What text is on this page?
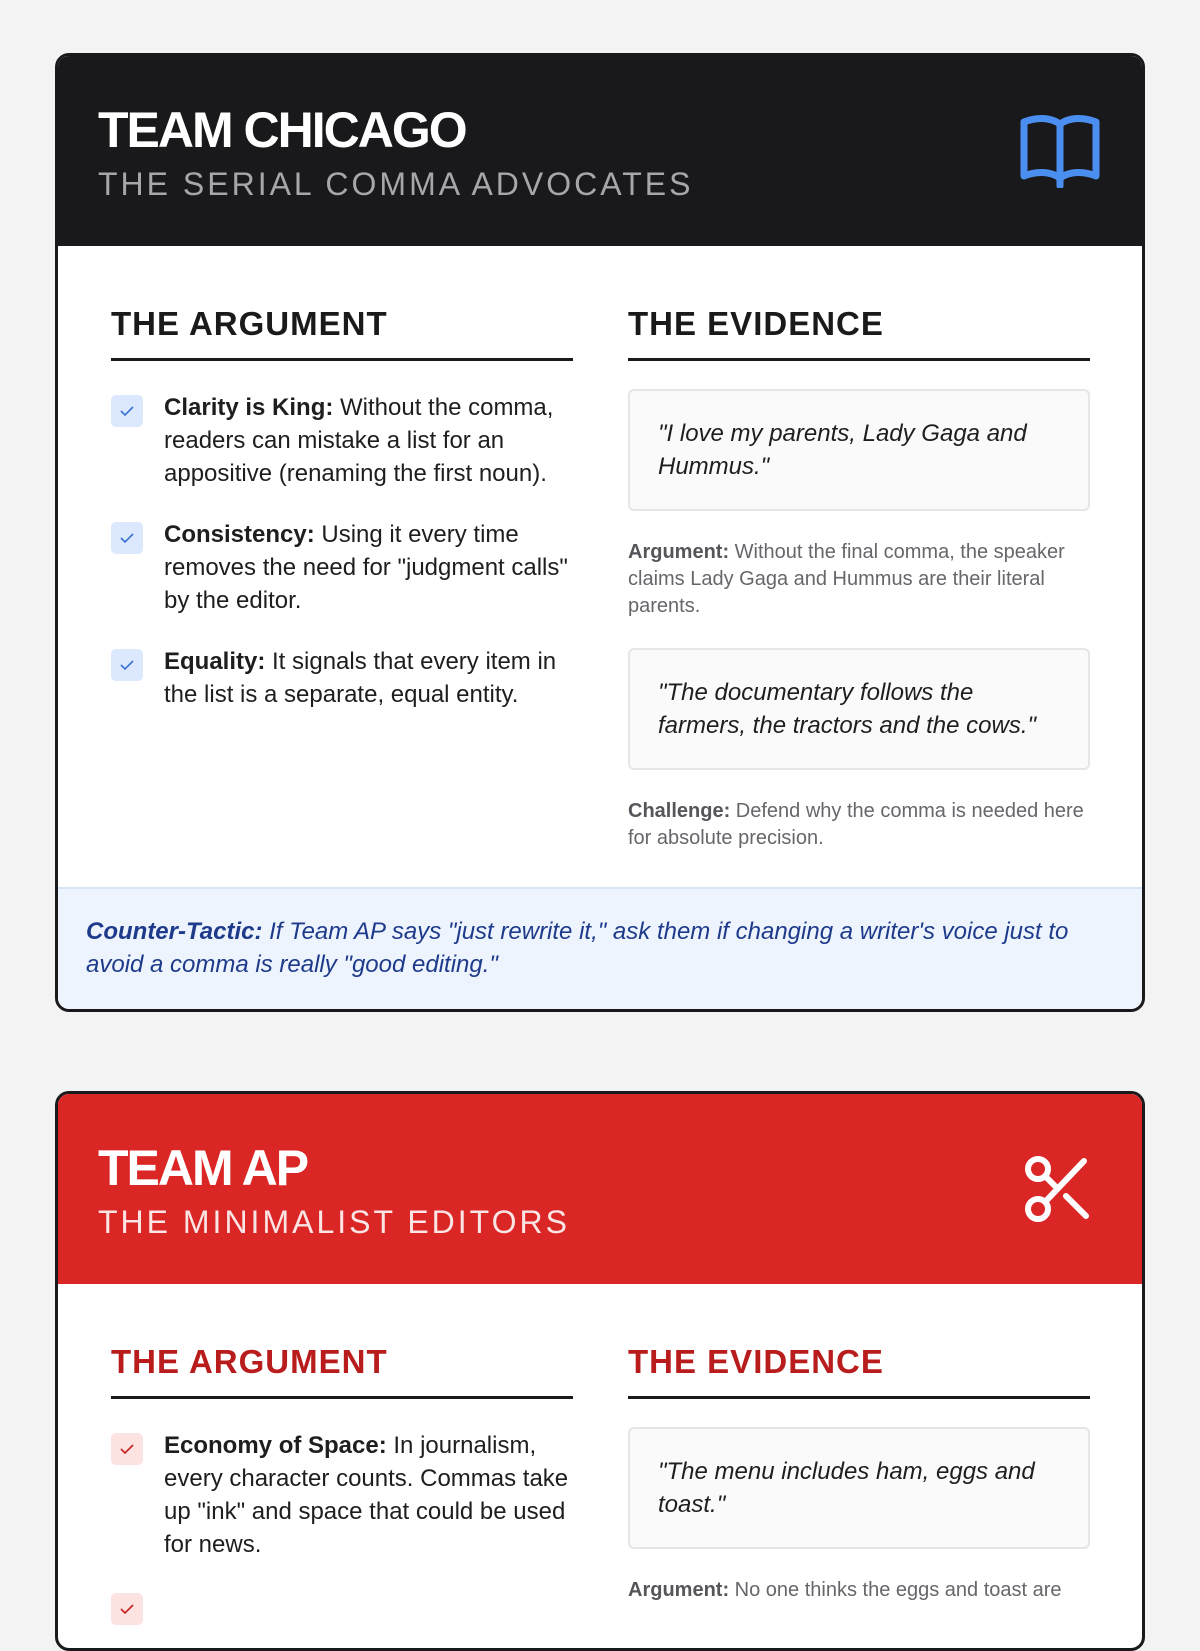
TEAM CHICAGO
THE SERIAL COMMA ADVOCATES
THE ARGUMENT
Clarity is King: Without the comma, readers can mistake a list for an appositive (renaming the first noun).
Consistency: Using it every time removes the need for "judgment calls" by the editor.
Equality: It signals that every item in the list is a separate, equal entity.
THE EVIDENCE
"I love my parents, Lady Gaga and Hummus."
Argument: Without the final comma, the speaker claims Lady Gaga and Hummus are their literal parents.
"The documentary follows the farmers, the tractors and the cows."
Challenge: Defend why the comma is needed here for absolute precision.
Counter-Tactic: If Team AP says "just rewrite it," ask them if changing a writer's voice just to avoid a comma is really "good editing."
TEAM AP
THE MINIMALIST EDITORS
THE ARGUMENT
Economy of Space: In journalism, every character counts. Commas take up "ink" and space that could be used for news.
THE EVIDENCE
"The menu includes ham, eggs and toast."
Argument: No one thinks the eggs and toast are
